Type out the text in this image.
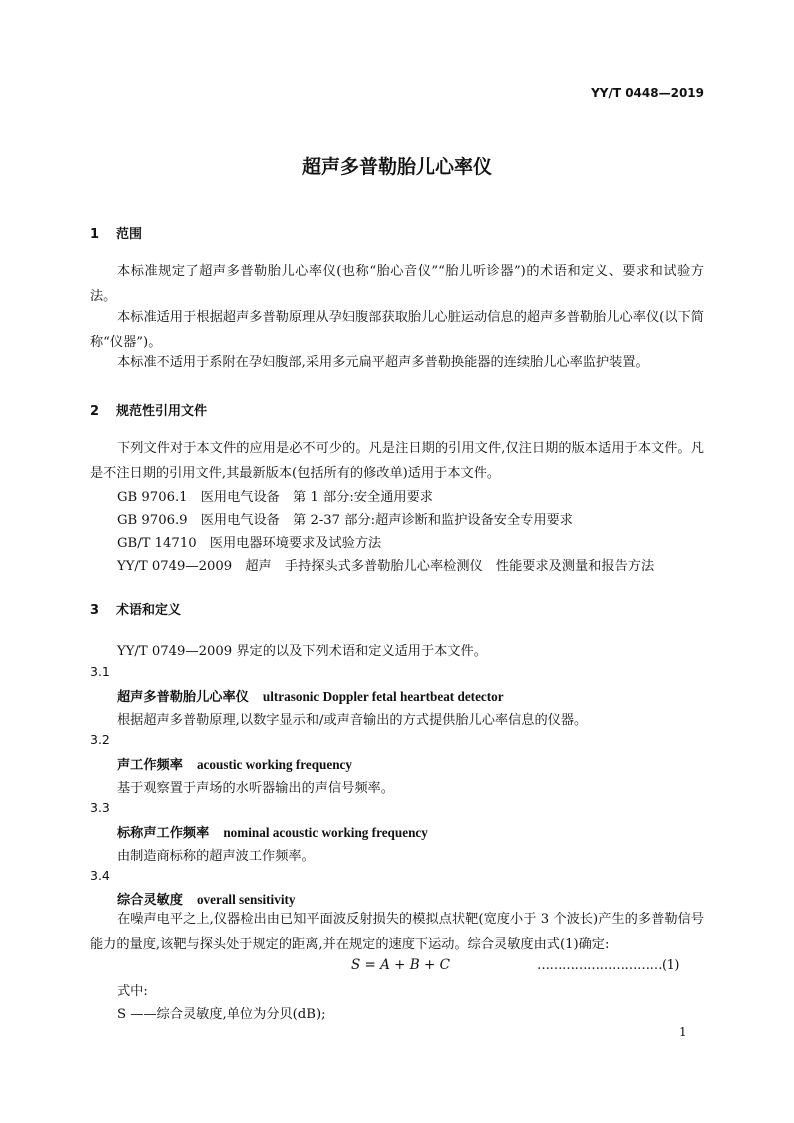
YY/T 0448—2019
超声多普勒胎儿心率仪
1 范围
本标准规定了超声多普勒胎儿心率仪(也称“胎心音仪”“胎儿听诊器”)的术语和定义、要求和试验方法。
本标准适用于根据超声多普勒原理从孕妇腹部获取胎儿心脏运动信息的超声多普勒胎儿心率仪(以下简称“仪器”)。
本标准不适用于系附在孕妇腹部,采用多元扁平超声多普勒换能器的连续胎儿心率监护装置。
2 规范性引用文件
下列文件对于本文件的应用是必不可少的。凡是注日期的引用文件,仅注日期的版本适用于本文件。凡是不注日期的引用文件,其最新版本(包括所有的修改单)适用于本文件。
GB 9706.1　医用电气设备　第 1 部分:安全通用要求
GB 9706.9　医用电气设备　第 2-37 部分:超声诊断和监护设备安全专用要求
GB/T 14710　医用电器环境要求及试验方法
YY/T 0749—2009　超声　手持探头式多普勒胎儿心率检测仪　性能要求及测量和报告方法
3 术语和定义
YY/T 0749—2009 界定的以及下列术语和定义适用于本文件。
3.1
超声多普勒胎儿心率仪 ultrasonic Doppler fetal heartbeat detector
根据超声多普勒原理,以数字显示和/或声音输出的方式提供胎儿心率信息的仪器。
3.2
声工作频率 acoustic working frequency
基于观察置于声场的水听器输出的声信号频率。
3.3
标称声工作频率 nominal acoustic working frequency
由制造商标称的超声波工作频率。
3.4
综合灵敏度 overall sensitivity
在噪声电平之上,仪器检出由已知平面波反射损失的模拟点状靶(宽度小于 3 个波长)产生的多普勒信号能力的量度,该靶与探头处于规定的距离,并在规定的速度下运动。综合灵敏度由式(1)确定:
S = A + B + C	…………………………(1)
式中:
S ——综合灵敏度,单位为分贝(dB);
1
